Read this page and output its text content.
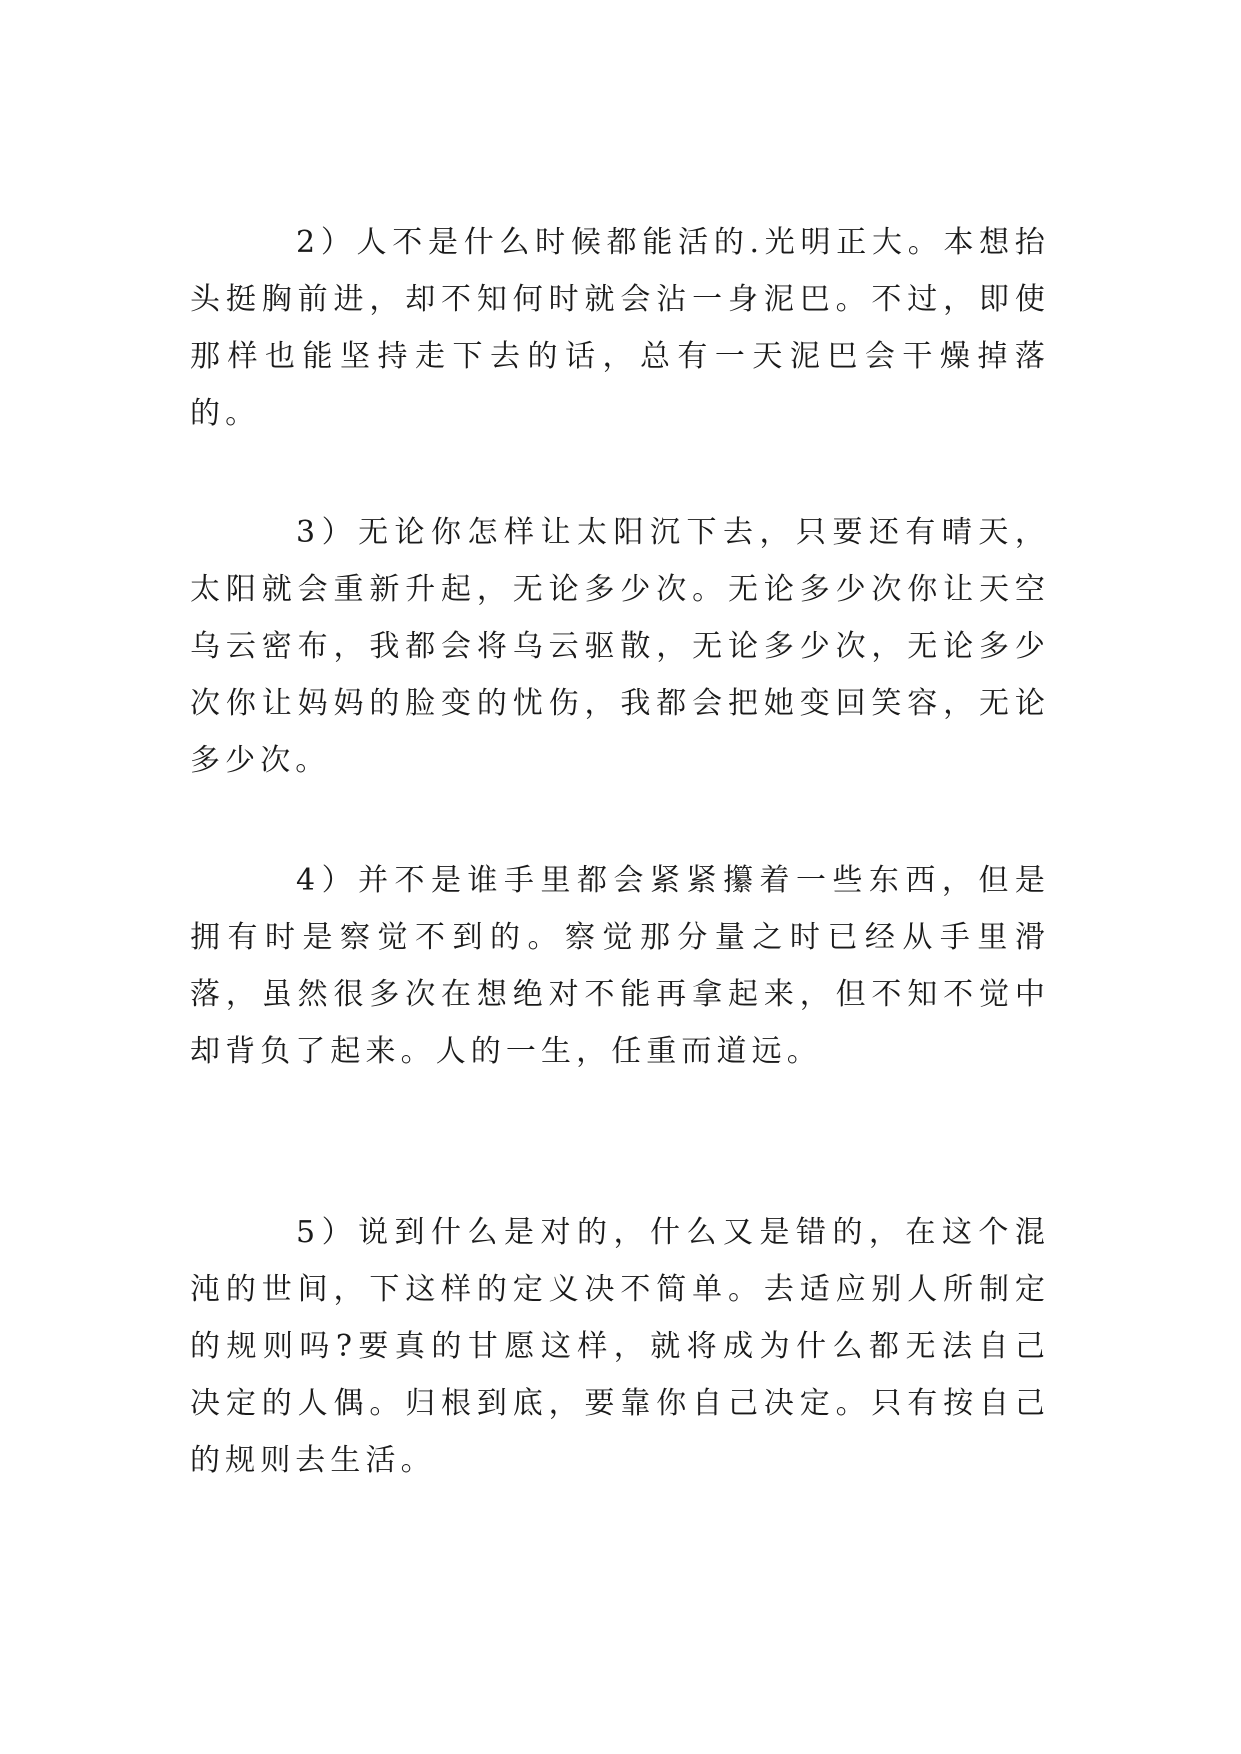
2）人不是什么时候都能活的.光明正大。本想抬头挺胸前进，却不知何时就会沾一身泥巴。不过，即使那样也能坚持走下去的话，总有一天泥巴会干燥掉落的。

3）无论你怎样让太阳沉下去，只要还有晴天，太阳就会重新升起，无论多少次。无论多少次你让天空乌云密布，我都会将乌云驱散，无论多少次，无论多少次你让妈妈的脸变的忧伤，我都会把她变回笑容，无论多少次。

4）并不是谁手里都会紧紧攥着一些东西，但是拥有时是察觉不到的。察觉那分量之时已经从手里滑落，虽然很多次在想绝对不能再拿起来，但不知不觉中却背负了起来。人的一生，任重而道远。

5）说到什么是对的，什么又是错的，在这个混沌的世间，下这样的定义决不简单。去适应别人所制定的规则吗?要真的甘愿这样，就将成为什么都无法自己决定的人偶。归根到底，要靠你自己决定。只有按自己的规则去生活。
